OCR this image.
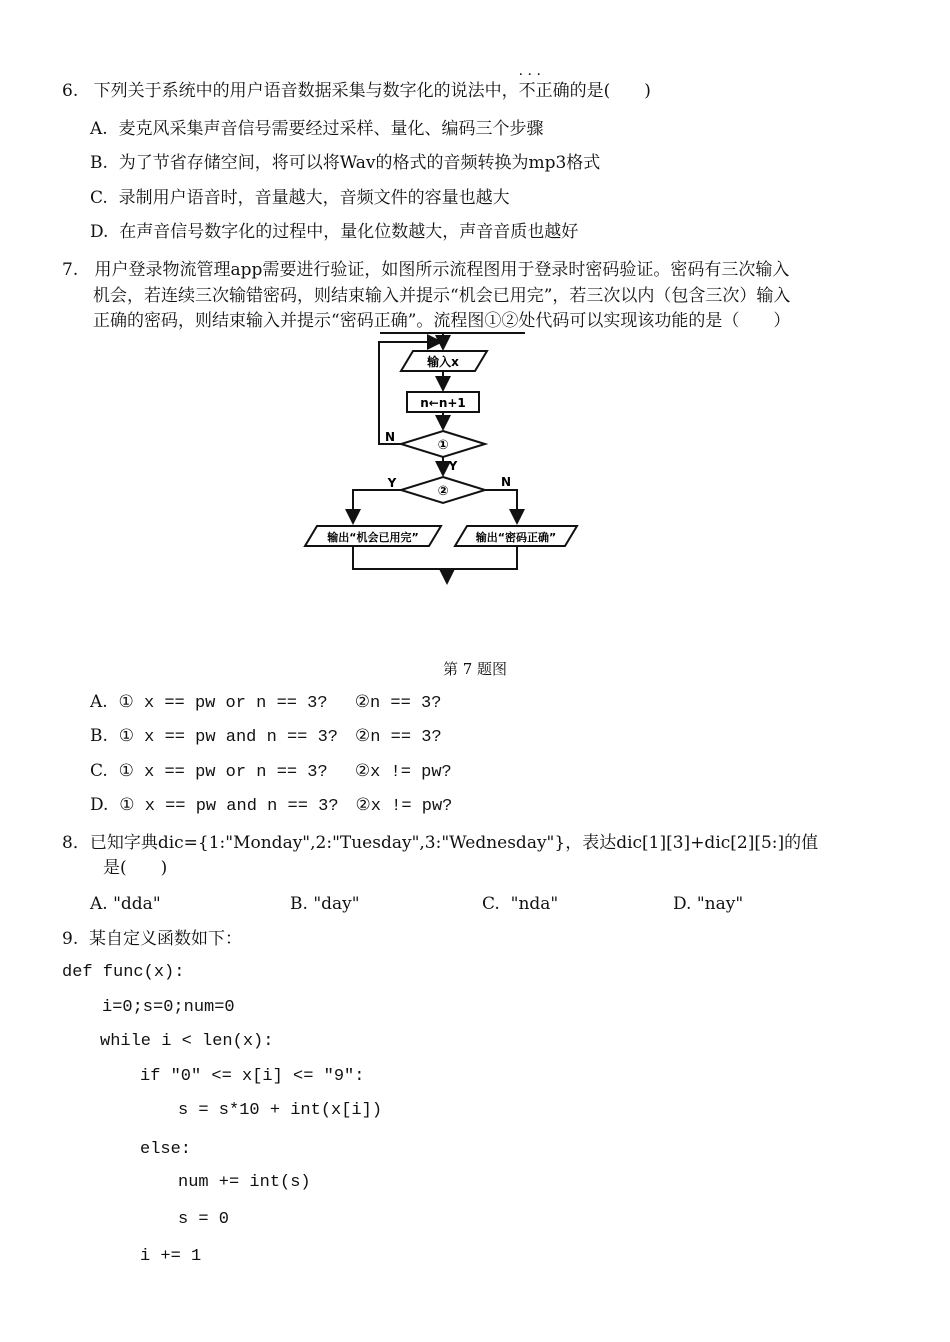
6. 下列关于系统中的用户语音数据采集与数字化的说法中，
· · ·
不正确的是(　　)
A. 麦克风采集声音信号需要经过采样、量化、编码三个步骤
B. 为了节省存储空间，将可以将Wav的格式的音频转换为mp3格式
C. 录制用户语音时，音量越大，音频文件的容量也越大
D. 在声音信号数字化的过程中，量化位数越大，声音音质也越好
7. 用户登录物流管理app需要进行验证，如图所示流程图用于登录时密码验证。密码有三次输入
机会，若连续三次输错密码，则结束输入并提示“机会已用完”，若三次以内（包含三次）输入
正确的密码，则结束输入并提示“密码正确”。流程图①②处代码可以实现该功能的是（　　）
输入x
n←n+1
①
②
N
Y
Y	N
输出“机会已用完”	输出“密码正确”
第 7 题图
A. ① x == pw or n == 3?　 ②n == 3?
B. ① x == pw and n == 3?　②n == 3?
C. ① x == pw or n == 3?　 ②x != pw?
D. ① x == pw and n == 3?　②x != pw?
8．已知字典dic={1:"Monday",2:"Tuesday",3:"Wednesday"}，表达dic[1][3]+dic[2][5:]的值
是(　　)
A. "dda"	B. "day"	C. "nda"	D. "nay"
9. 某自定义函数如下：
def func(x):
i=0;s=0;num=0
while i < len(x):
if "0" <= x[i] <= "9":
s = s*10 + int(x[i])
else:
num += int(s)
s = 0
i += 1
